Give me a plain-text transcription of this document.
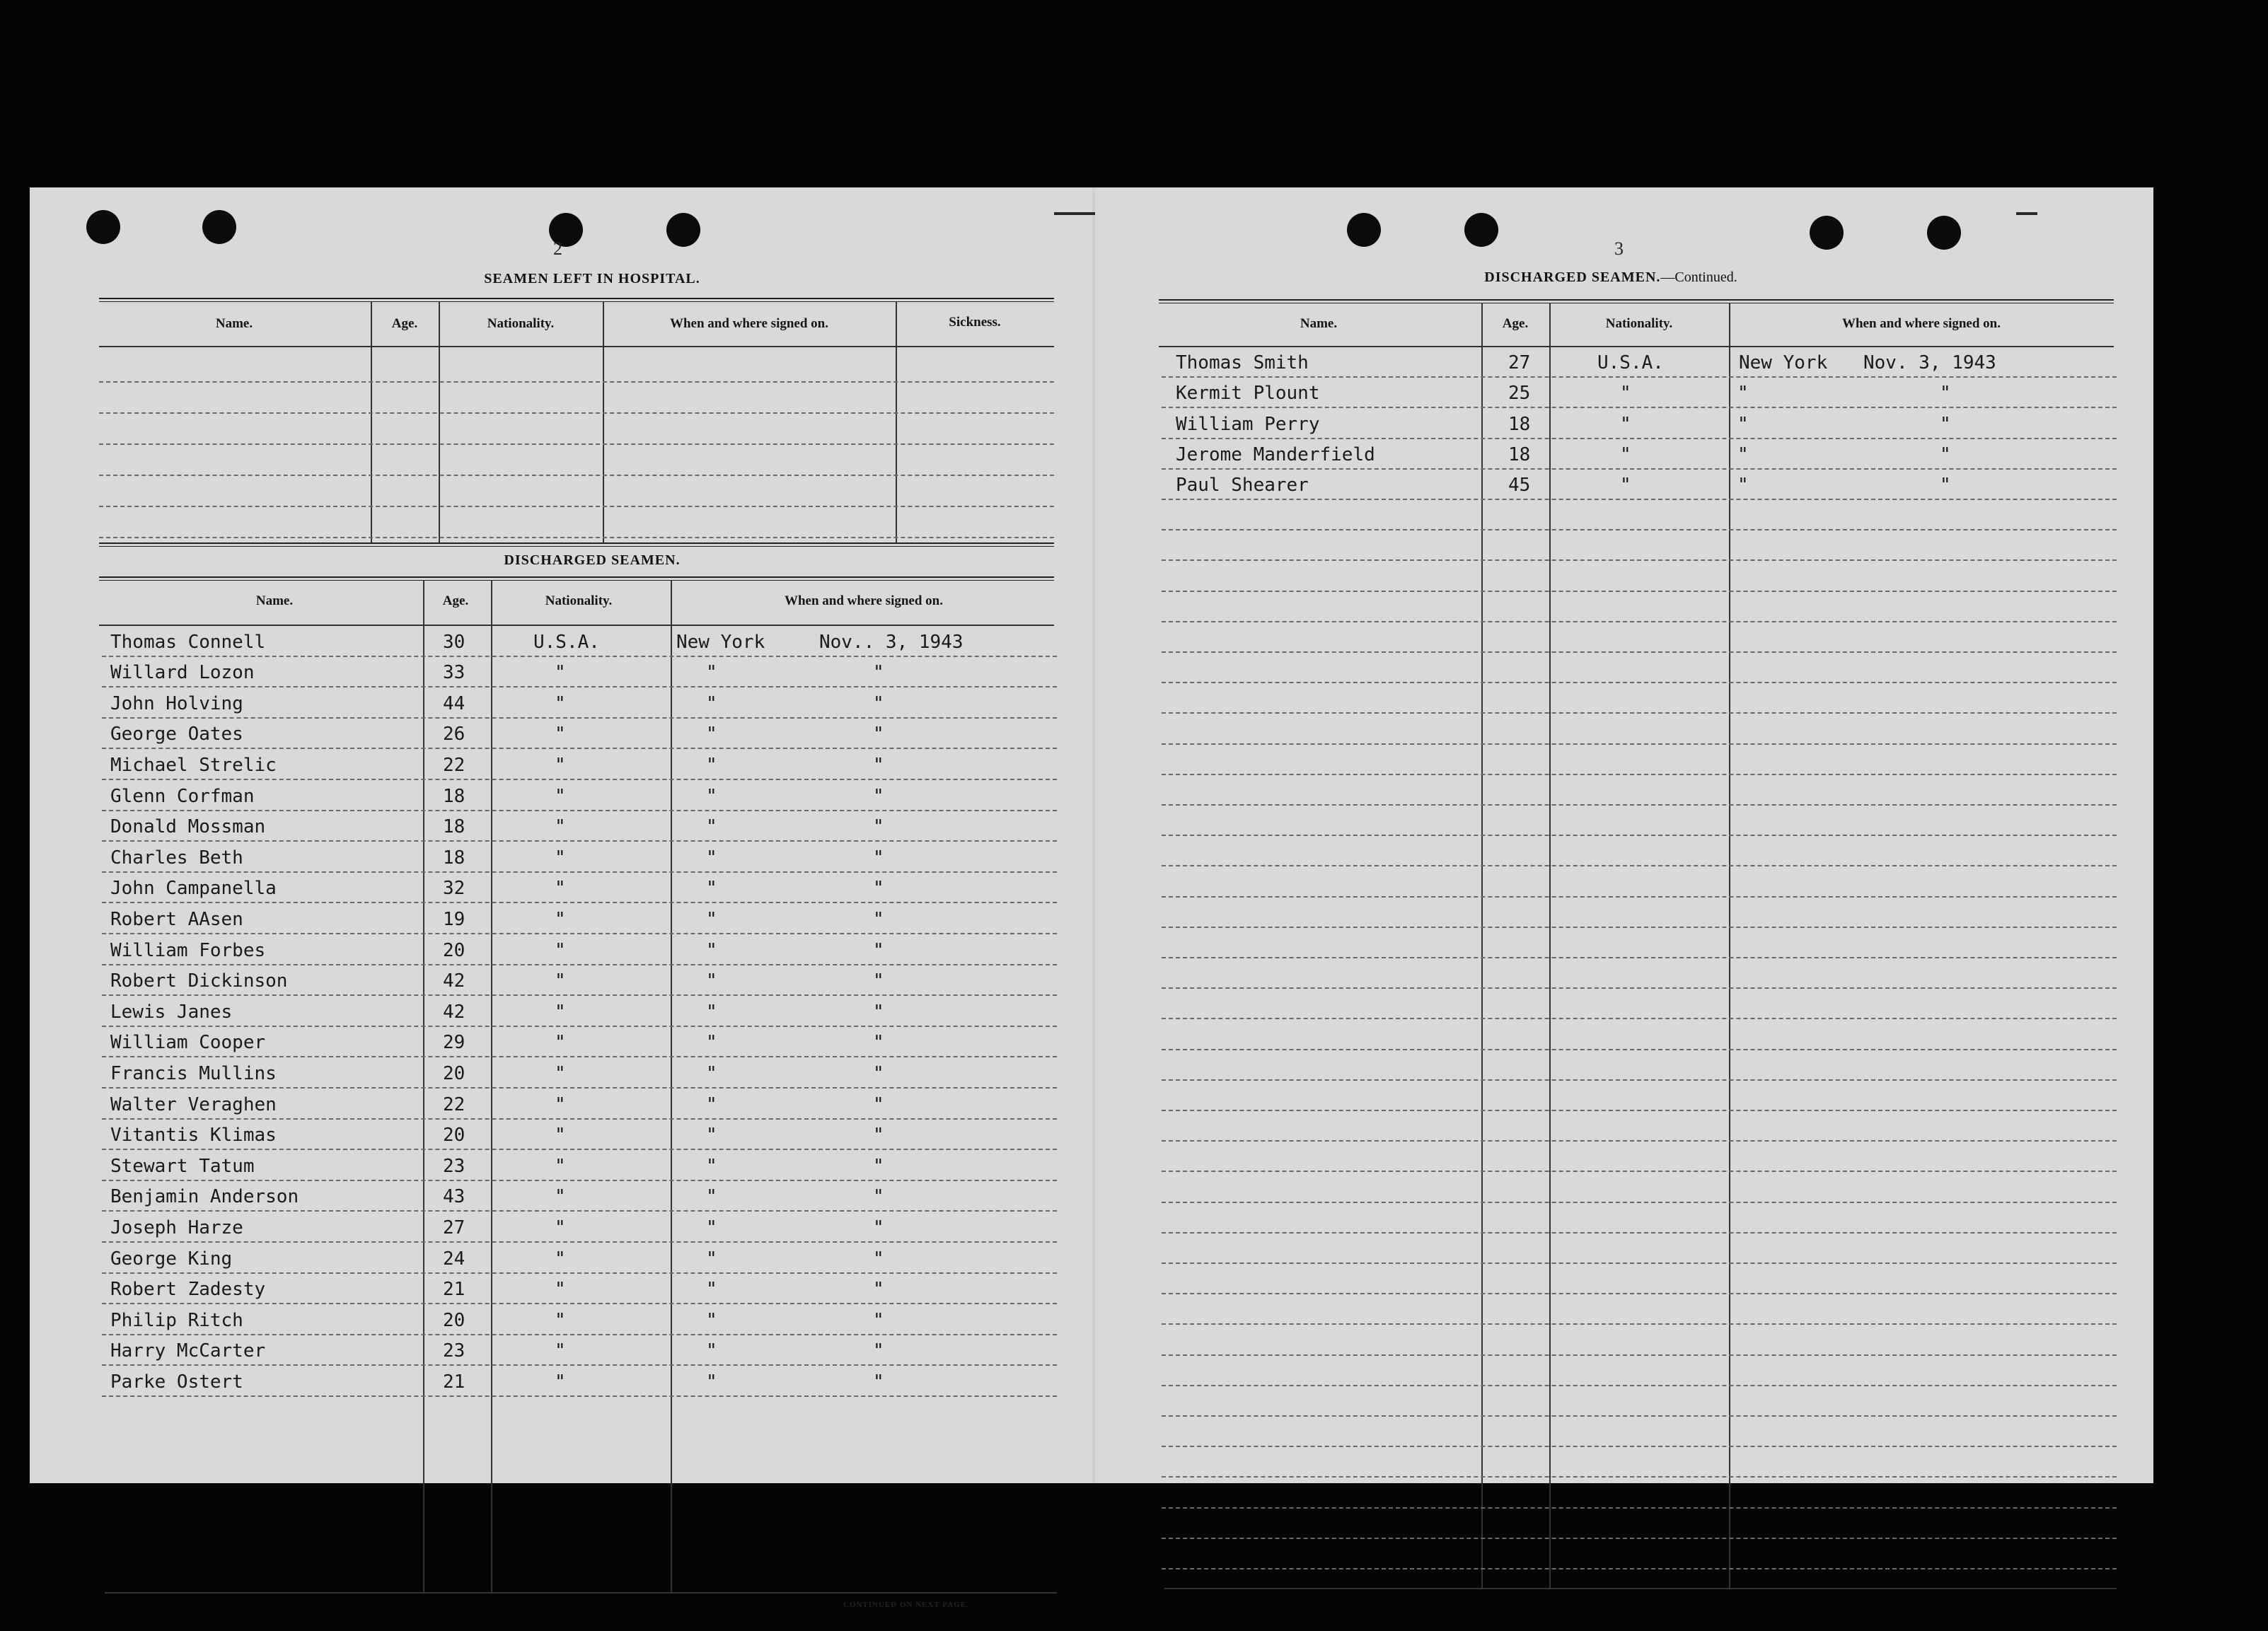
2
SEAMEN LEFT IN HOSPITAL.
Name.	Age.	Nationality.	When and where signed on.	Sickness.
DISCHARGED SEAMEN.
Name.	Age.	Nationality.	When and where signed on.
Thomas Connell	30	U.S.A.	New York	Nov.. 3, 1943
Willard Lozon	33	"	"	"
John Holving	44	"	"	"
George Oates	26	"	"	"
Michael Strelic	22	"	"	"
Glenn Corfman	18	"	"	"
Donald Mossman	18	"	"	"
Charles Beth	18	"	"	"
John Campanella	32	"	"	"
Robert AAsen	19	"	"	"
William Forbes	20	"	"	"
Robert Dickinson	42	"	"	"
Lewis Janes	42	"	"	"
William Cooper	29	"	"	"
Francis Mullins	20	"	"	"
Walter Veraghen	22	"	"	"
Vitantis Klimas	20	"	"	"
Stewart Tatum	23	"	"	"
Benjamin Anderson	43	"	"	"
Joseph Harze	27	"	"	"
George King	24	"	"	"
Robert Zadesty	21	"	"	"
Philip Ritch	20	"	"	"
Harry McCarter	23	"	"	"
Parke Ostert	21	"	"	"
CONTINUED ON NEXT PAGE.
3
DISCHARGED SEAMEN.—Continued.
Name.	Age.	Nationality.	When and where signed on.
Thomas Smith	27	U.S.A.	New York Nov. 3, 1943
Kermit Plount	25	"	"	"
William Perry	18	"	"	"
Jerome Manderfield	18	"	"	"
Paul Shearer	45	"	"	"
